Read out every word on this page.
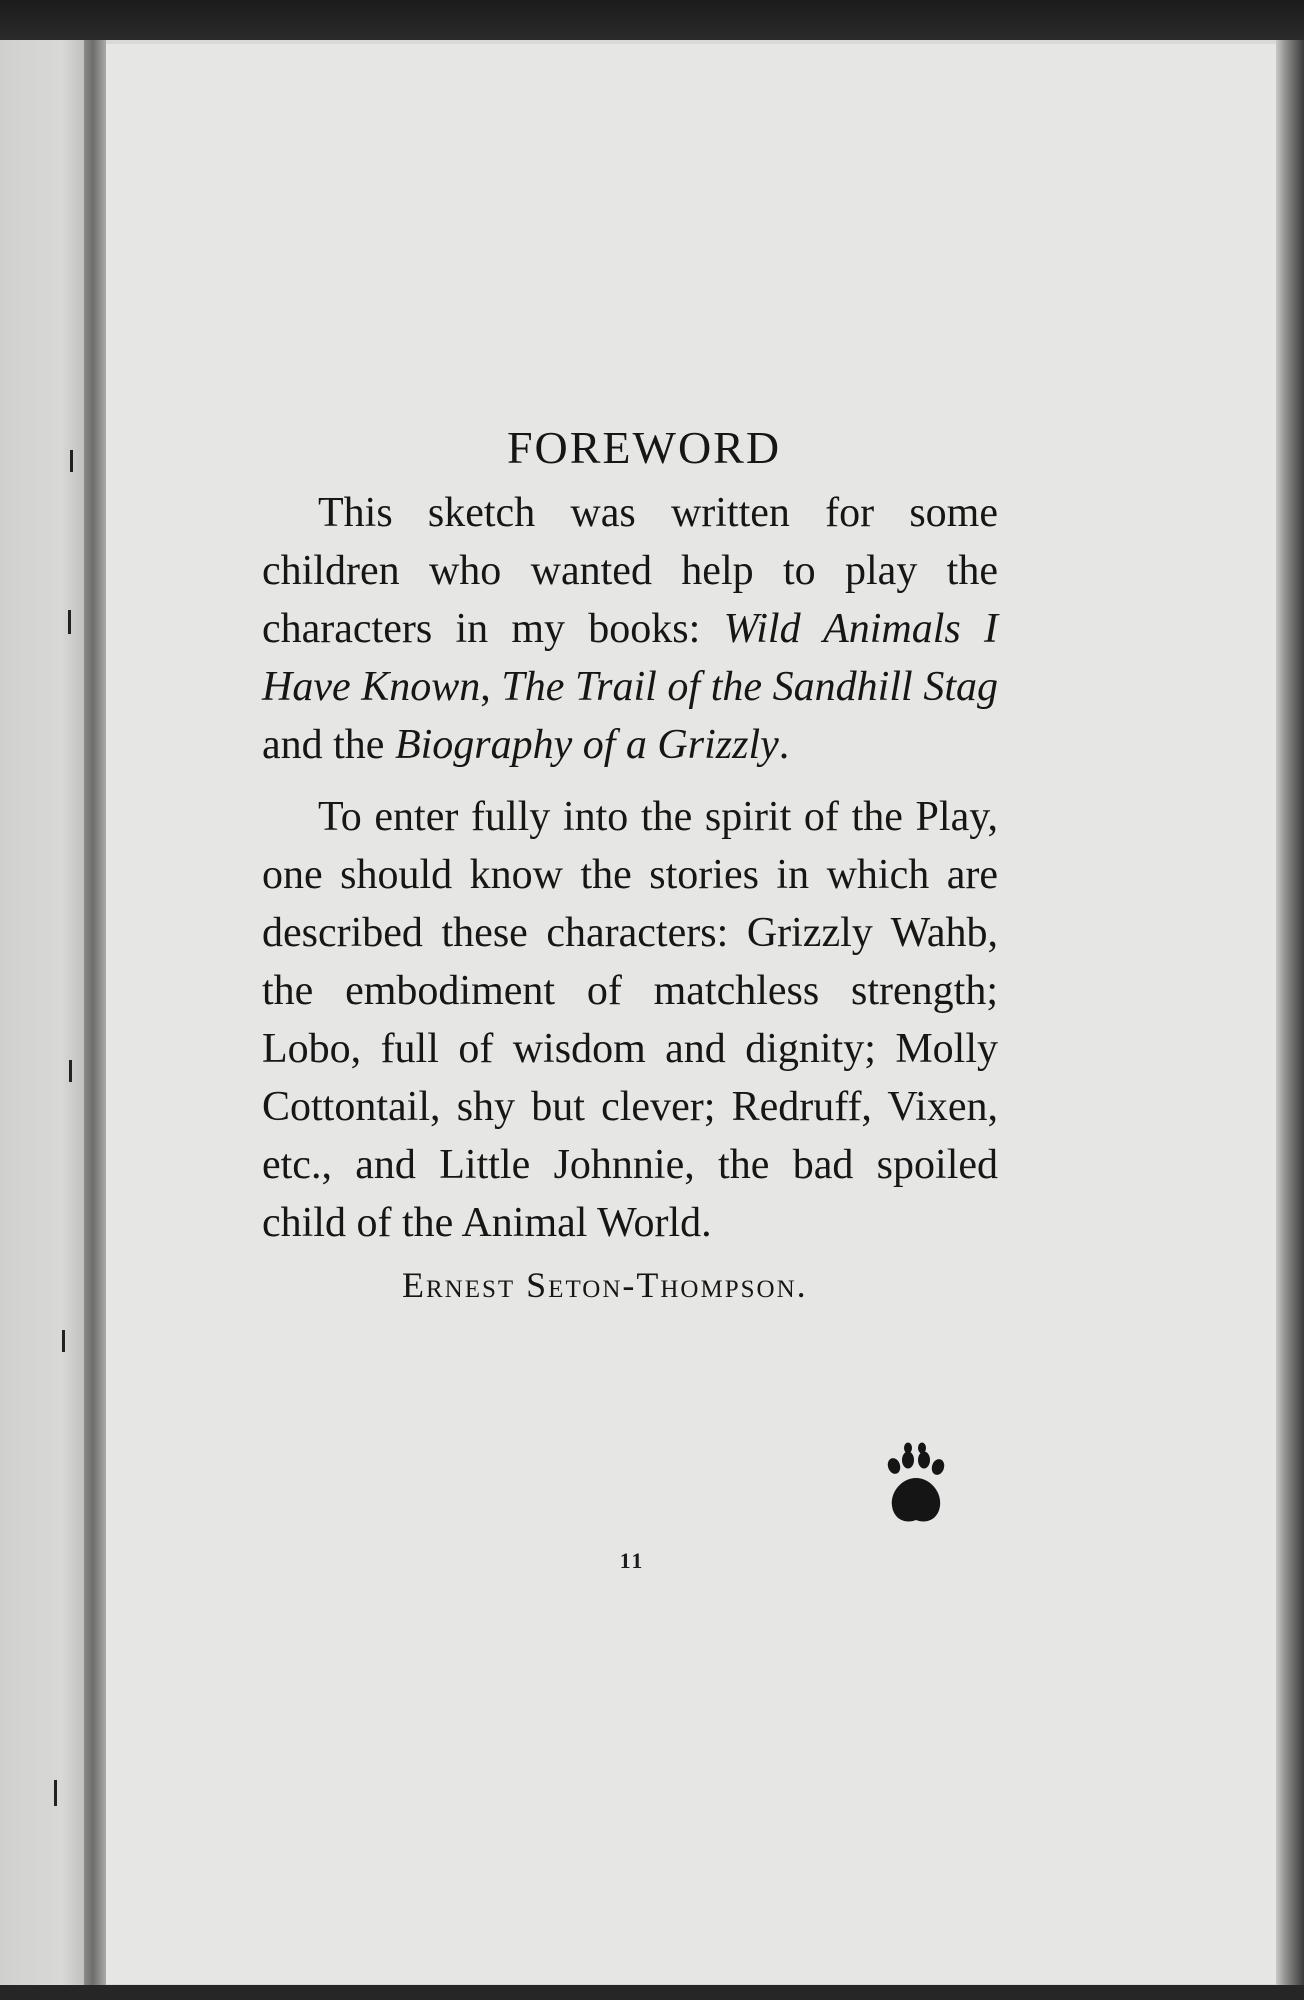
FOREWORD

This sketch was written for some children who wanted help to play the characters in my books: Wild Animals I Have Known, The Trail of the Sandhill Stag and the Biography of a Grizzly.

To enter fully into the spirit of the Play, one should know the stories in which are described these characters: Grizzly Wahb, the embodiment of matchless strength; Lobo, full of wisdom and dignity; Molly Cottontail, shy but clever; Redruff, Vixen, etc., and Little Johnnie, the bad spoiled child of the Animal World.

Ernest Seton-Thompson.
11
